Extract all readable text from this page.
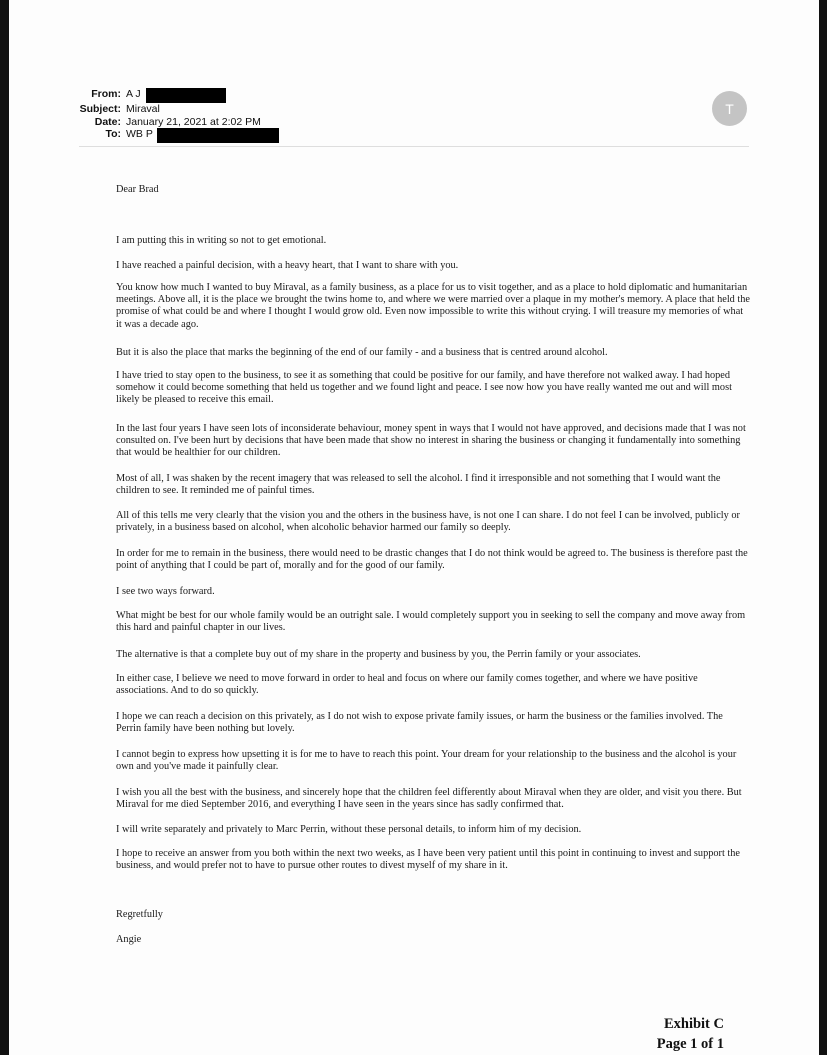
From: A J
Subject: Miraval
Date: January 21, 2021 at 2:02 PM
To: WB P
T

Dear Brad

I am putting this in writing so not to get emotional.

I have reached a painful decision, with a heavy heart, that I want to share with you.

You know how much I wanted to buy Miraval, as a family business, as a place for us to visit together, and as a place to hold diplomatic and humanitarian meetings. Above all, it is the place we brought the twins home to, and where we were married over a plaque in my mother's memory. A place that held the promise of what could be and where I thought I would grow old. Even now impossible to write this without crying. I will treasure my memories of what it was a decade ago.

But it is also the place that marks the beginning of the end of our family - and a business that is centred around alcohol.

I have tried to stay open to the business, to see it as something that could be positive for our family, and have therefore not walked away. I had hoped somehow it could become something that held us together and we found light and peace. I see now how you have really wanted me out and will most likely be pleased to receive this email.

In the last four years I have seen lots of inconsiderate behaviour, money spent in ways that I would not have approved, and decisions made that I was not consulted on. I've been hurt by decisions that have been made that show no interest in sharing the business or changing it fundamentally into something that would be healthier for our children.

Most of all, I was shaken by the recent imagery that was released to sell the alcohol. I find it irresponsible and not something that I would want the children to see. It reminded me of painful times.

All of this tells me very clearly that the vision you and the others in the business have, is not one I can share. I do not feel I can be involved, publicly or privately, in a business based on alcohol, when alcoholic behavior harmed our family so deeply.

In order for me to remain in the business, there would need to be drastic changes that I do not think would be agreed to. The business is therefore past the point of anything that I could be part of, morally and for the good of our family.

I see two ways forward.

What might be best for our whole family would be an outright sale. I would completely support you in seeking to sell the company and move away from this hard and painful chapter in our lives.

The alternative is that a complete buy out of my share in the property and business by you, the Perrin family or your associates.

In either case, I believe we need to move forward in order to heal and focus on where our family comes together, and where we have positive associations. And to do so quickly.

I hope we can reach a decision on this privately, as I do not wish to expose private family issues, or harm the business or the families involved. The Perrin family have been nothing but lovely.

I cannot begin to express how upsetting it is for me to have to reach this point. Your dream for your relationship to the business and the alcohol is your own and you've made it painfully clear.

I wish you all the best with the business, and sincerely hope that the children feel differently about Miraval when they are older, and visit you there. But Miraval for me died September 2016, and everything I have seen in the years since has sadly confirmed that.

I will write separately and privately to Marc Perrin, without these personal details, to inform him of my decision.

I hope to receive an answer from you both within the next two weeks, as I have been very patient until this point in continuing to invest and support the business, and would prefer not to have to pursue other routes to divest myself of my share in it.

Regretfully

Angie

Exhibit C
Page 1 of 1
